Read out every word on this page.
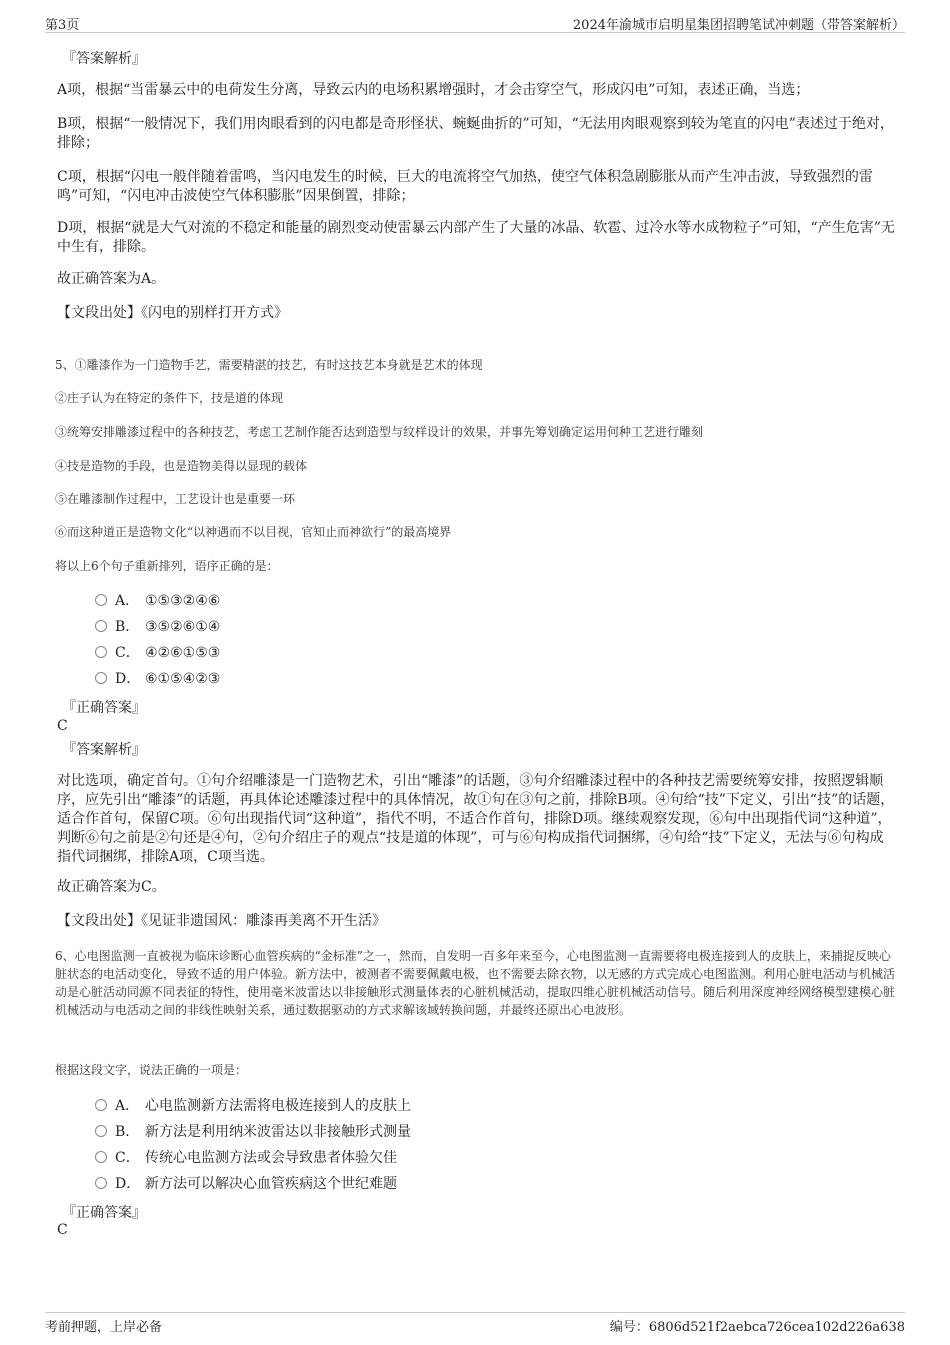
第3页	2024年渝城市启明星集团招聘笔试冲刺题（带答案解析）
『答案解析』
A项，根据“当雷暴云中的电荷发生分离，导致云内的电场积累增强时，才会击穿空气，形成闪电”可知，表述正确，当选；
B项，根据“一般情况下，我们用肉眼看到的闪电都是奇形怪状、蜿蜒曲折的”可知，“无法用肉眼观察到较为笔直的闪电”表述过于绝对，排除；
C项，根据“闪电一般伴随着雷鸣，当闪电发生的时候，巨大的电流将空气加热，使空气体积急剧膨胀从而产生冲击波，导致强烈的雷鸣”可知，“闪电冲击波使空气体积膨胀”因果倒置，排除；
D项，根据“就是大气对流的不稳定和能量的剧烈变动使雷暴云内部产生了大量的冰晶、软雹、过冷水等水成物粒子”可知，“产生危害”无中生有，排除。
故正确答案为A。
【文段出处】《闪电的别样打开方式》
5、①雕漆作为一门造物手艺，需要精湛的技艺，有时这技艺本身就是艺术的体现
②庄子认为在特定的条件下，技是道的体现
③统筹安排雕漆过程中的各种技艺，考虑工艺制作能否达到造型与纹样设计的效果，并事先筹划确定运用何种工艺进行雕刻
④技是造物的手段，也是造物美得以显现的载体
⑤在雕漆制作过程中，工艺设计也是重要一环
⑥而这种道正是造物文化“以神遇而不以目视，官知止而神欲行”的最高境界
将以上6个句子重新排列，语序正确的是：
A． ①⑤③②④⑥
B． ③⑤②⑥①④
C． ④②⑥①⑤③
D． ⑥①⑤④②③
『正确答案』
C
『答案解析』
对比选项，确定首句。①句介绍雕漆是一门造物艺术，引出“雕漆”的话题，③句介绍雕漆过程中的各种技艺需要统筹安排，按照逻辑顺序，应先引出“雕漆”的话题，再具体论述雕漆过程中的具体情况，故①句在③句之前，排除B项。④句给“技”下定义，引出“技”的话题，适合作首句，保留C项。⑥句出现指代词“这种道”，指代不明，不适合作首句，排除D项。继续观察发现，⑥句中出现指代词“这种道”，判断⑥句之前是②句还是④句，②句介绍庄子的观点“技是道的体现”，可与⑥句构成指代词捆绑，④句给“技”下定义，无法与⑥句构成指代词捆绑，排除A项，C项当选。
故正确答案为C。
【文段出处】《见证非遗国风：雕漆再美离不开生活》
6、心电图监测一直被视为临床诊断心血管疾病的“金标准”之一，然而，自发明一百多年来至今，心电图监测一直需要将电极连接到人的皮肤上，来捕捉反映心脏状态的电活动变化，导致不适的用户体验。新方法中，被测者不需要佩戴电极，也不需要去除衣物，以无感的方式完成心电图监测。利用心脏电活动与机械活动是心脏活动同源不同表征的特性，使用毫米波雷达以非接触形式测量体表的心脏机械活动，提取四维心脏机械活动信号。随后利用深度神经网络模型建模心脏机械活动与电活动之间的非线性映射关系，通过数据驱动的方式求解该域转换问题，并最终还原出心电波形。
根据这段文字，说法正确的一项是：
A． 心电监测新方法需将电极连接到人的皮肤上
B． 新方法是利用纳米波雷达以非接触形式测量
C． 传统心电监测方法或会导致患者体验欠佳
D． 新方法可以解决心血管疾病这个世纪难题
『正确答案』
C
考前押题，上岸必备	编号：6806d521f2aebca726cea102d226a638
